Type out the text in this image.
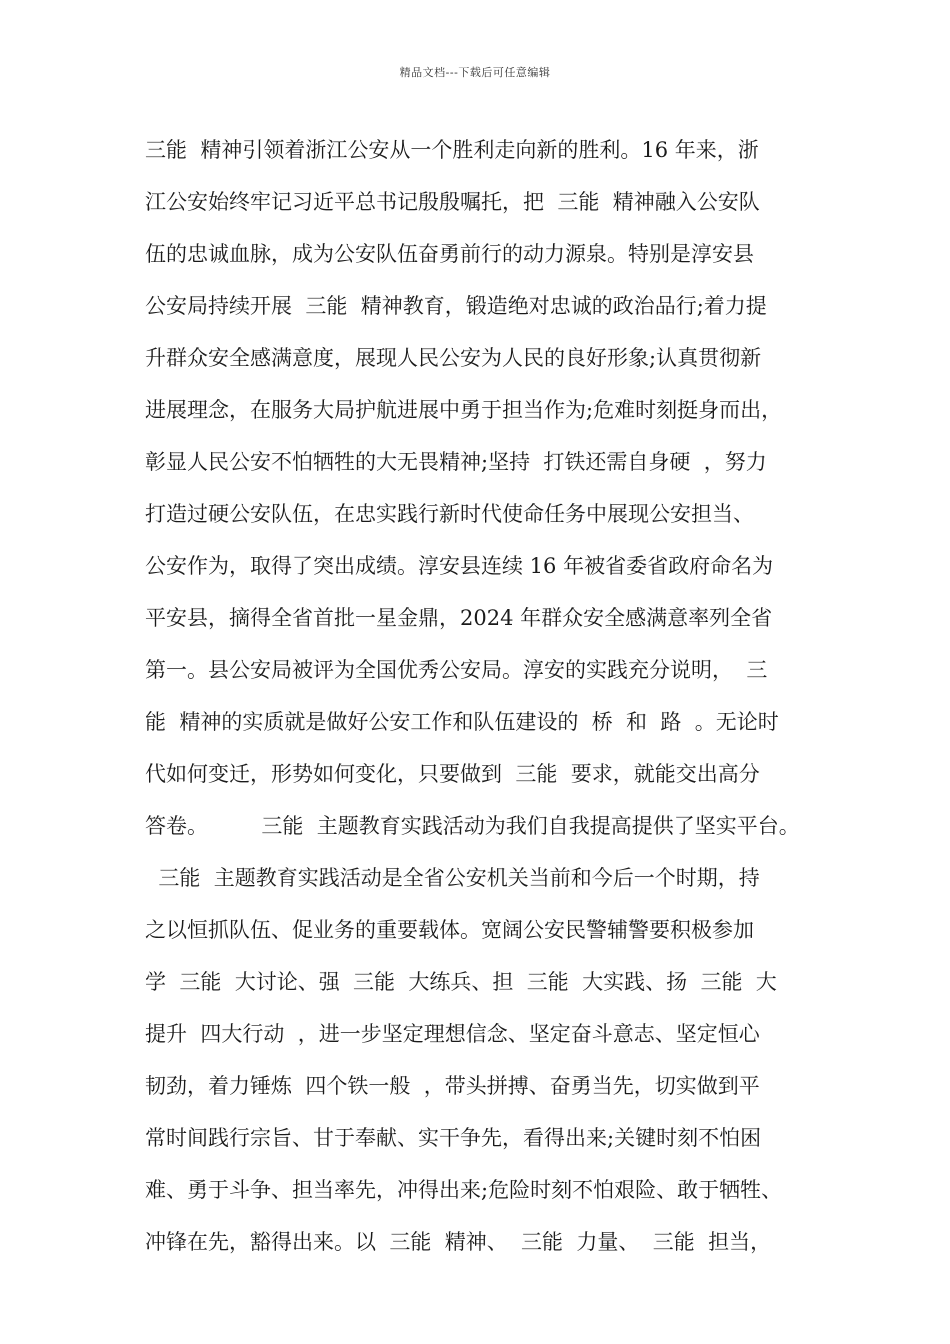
精品文档---下载后可任意编辑
三能  精神引领着浙江公安从一个胜利走向新的胜利。16 年来，浙
江公安始终牢记习近平总书记殷殷嘱托，把  三能  精神融入公安队
伍的忠诚血脉，成为公安队伍奋勇前行的动力源泉。特别是淳安县
公安局持续开展  三能  精神教育，锻造绝对忠诚的政治品行;着力提
升群众安全感满意度，展现人民公安为人民的良好形象;认真贯彻新
进展理念，在服务大局护航进展中勇于担当作为;危难时刻挺身而出，
彰显人民公安不怕牺牲的大无畏精神;坚持  打铁还需自身硬  ，努力
打造过硬公安队伍，在忠实践行新时代使命任务中展现公安担当、
公安作为，取得了突出成绩。淳安县连续 16 年被省委省政府命名为
平安县，摘得全省首批一星金鼎，2024 年群众安全感满意率列全省
第一。县公安局被评为全国优秀公安局。淳安的实践充分说明，  三
能  精神的实质就是做好公安工作和队伍建设的  桥  和  路  。无论时
代如何变迁，形势如何变化，只要做到  三能  要求，就能交出高分
答卷。        三能  主题教育实践活动为我们自我提高提供了坚实平台。
三能  主题教育实践活动是全省公安机关当前和今后一个时期，持
之以恒抓队伍、促业务的重要载体。宽阔公安民警辅警要积极参加
学  三能  大讨论、强  三能  大练兵、担  三能  大实践、扬  三能  大
提升  四大行动  ，进一步坚定理想信念、坚定奋斗意志、坚定恒心
韧劲，着力锤炼  四个铁一般  ，带头拼搏、奋勇当先，切实做到平
常时间践行宗旨、甘于奉献、实干争先，看得出来;关键时刻不怕困
难、勇于斗争、担当率先，冲得出来;危险时刻不怕艰险、敢于牺牲、
冲锋在先，豁得出来。以  三能  精神、  三能  力量、  三能  担当，
